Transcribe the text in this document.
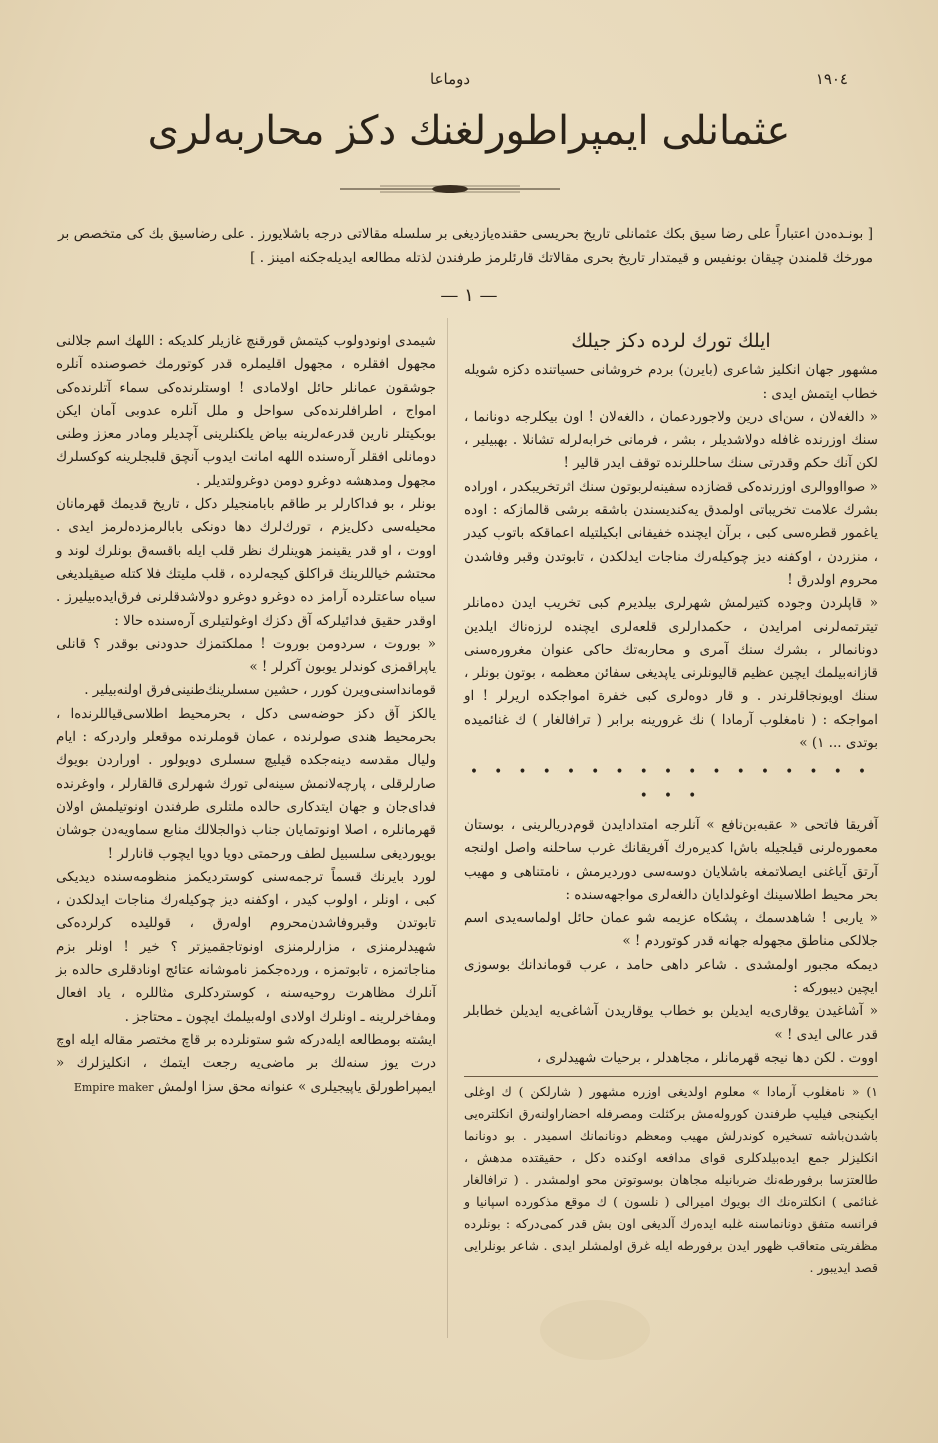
دوماعا	١٩٠٤
عثمانلی ایمپراطورلغنك دكز محاربه‌لری
[ بونـده‌دن اعتباراً علی رضا سیق بكك عثمانلی تاریخ بحریسی حقنده‌یازدیغی بر سلسله مقالاتی درجه باشلایورز . علی رضاسیق بك كی متخصص بر مورخك قلمندن چیقان بونفیس و قیمتدار تاریخ بحری مقالاتك قارئلرمز طرفندن لذتله مطالعه ایدیله‌جكنه امینز . ]
— ١ —

ایلك تورك لرده دكز جیلك

مشهور جهان انكلیز شاعری (بایرن) بردم خروشانی حسیاتنده دكزه شویله خطاب ایتمش ایدی :

« دالغه‌لان ، سن‌ای درین ولاجوردعمان ، دالغه‌لان ! اون بیكلرجه دونانما ، سنك اوزرنده غافله دولاشدیلر ، بشر ، فرمانی خرابه‌لرله تشانلا . بهبیلیر ، لكن آنك حكم وقدرتی سنك ساحللرنده توقف ایدر قالیر !

« صوااووالری اوزرنده‌كی قضازده سفینه‌لربوتون سنك اثرتخریبكدر ، اوراده بشرك علامت تخریباتی اولمدق یه‌كندیسندن باشقه برشی قالمازكه : اوده یاغمور قطره‌سی كبی ، برآن ایچنده خفیفانی ابكیلتیله اعماقكه باتوب كیدر ، منزردن ، اوكفنه دیز چوكیله‌رك مناجات ایدلكدن ، تابوتدن وقبر وفاشدن محروم اولدرق !

« قاپلردن وجوده كتیرلمش شهرلری بیلدیرم كبی تخریب ایدن ده‌مانلر تیترتمه‌لرنی امرایدن ، حكمدارلری قلعه‌لری ایچنده لرزه‌ناك ایلدین دونانمالر ، بشرك سنك آمری و محاربه‌تك حاكی عنوان مغروره‌سنی قازانه‌بیلمك ایچین عظیم قالیونلرنی یاپدیغی سفائن معظمه ، بوتون بونلر ، سنك اویونجاقلرندر . و قار دوه‌لری كبی خفرة امواجكده اریرلر ! او امواجكه : ( نامغلوب آرمادا ) نك غرورینه برابر ( ترافالغار ) ك غنائمیده بوتدی ... ١) »

• • • • • • • • • • • • • • • • • • • •

آفریقا فاتحی « عقبه‌بن‌نافع » آنلرجه امتدادایدن قوم‌دریالرینی ، بوستان معموره‌لرنی قیلجیله باش‌ا كدیره‌رك آفریقانك غرب ساحلنه واصل اولنجه آرتق آیاغنی ایصلاتمغه باشلایان دوسه‌سی دوردیرمش ، نامتناهی و مهیب بحر محیط اطلاسینك اوغولدایان دالغه‌لری مواجهه‌سنده :

« یاربی ! شاهدسمك ، پشكاه عزیمه شو عمان حائل اولماسه‌یدی اسم جلالكی مناطق مجهوله جهانه قدر كوتوردم ! »

دیمكه مجبور اولمشدی . شاعر داهی حامد ، عرب قوماندانك بوسوزی ایچین دیبوركه :

« آشاغیدن یوقاری‌یه ایدیلن بو خطاب یوقاریدن آشاغی‌یه ایدیلن خطابلر قدر عالی ایدی ! »

اووت . لكن دها نیجه قهرمانلر ، مجاهدلر ، برحیات شهیدلری ،

١) « نامغلوب آرمادا » معلوم اولدیغی اوزره مشهور ( شارلكن ) ك اوغلی ایكینجی فیلیپ طرفندن كوروله‌مش بركثلت ومصرفله احضاراولنه‌رق انكلتره‌یی باشدن‌باشه تسخیره كوندرلش مهیب ومعظم دونانمانك اسمیدر . بو دونانما انكلیزلر جمع ایده‌بیلدكلری قوای مدافعه اوكنده دكل ، حقیقتده مدهش ، طالعتزسا برفورطه‌نك ضربانیله مجاهان بوسوتوتن محو اولمشدر . ( ترافالغار غنائمی ) انكلتره‌نك اك بویوك امیرالی ( نلسون ) ك موقع مذكورده اسپانیا و فرانسه متفق دونانماسنه غلبه ایده‌رك آلدیغی اون بش قدر كمی‌دركه : بونلرده مظفریتی متعاقب ظهور ایدن برفورطه ایله غرق اولمشلر ایدی . شاعر بونلرایی قصد ایدیبور .

شیمدی اونودولوب كیتمش قورقنچ غازیلر كلدیكه : اللهك اسم جلالنی مجهول افقلره ، مجهول اقلیملره قدر كوتورمك خصوصنده آنلره جوشقون عمانلر حائل اولامادی ! اوستلرنده‌كی سماء آتلرنده‌كی امواج ، اطرافلرنده‌كی سواحل و ملل آنلره عدوبی آمان ایكن بوبكیتلر نارین قدرعه‌لرینه بیاض یلكنلرینی آچدیلر ومادر معزز وطنی دومانلی افقلر آره‌سنده اللهه امانت ایدوب آنچق قلبجلرینه كوكسلرك مجهول ومدهشه دوغرو دومن دوغرولتدیلر .

بونلر ، بو فداكارلر بر طاقم بابامنجیلر دكل ، تاریخ قدیمك قهرمانان محیله‌سی دكل‌یزم ، تورك‌لرك دها دونكی بابالرمزده‌لرمز ایدی . اووت ، او قدر یقینمز هوینلرك نظر قلب ایله باقسه‌ق بونلرك لوند و محتشم خیاللرینك قراكلق كیجه‌لرده ، قلب ملیتك فلا كتله صیقیلدیغی سیاه ساعتلرده آرامز ده‌ دوغرو دوغرو دولاشدقلرنی فرق‌ایده‌بیلیرز . اوقدر حقیق فدائیلركه آق دكزك اوغولتیلری آره‌سنده حالا :

« بوروت ، سردومن بوروت ! مملكتمزك حدودنی بوقدر ؟ قانلی یاپراقمزی كوندلر یوبون آكرلر ! »

قومانداسنی‌ویرن كورر ، حشین سسلرینك‌طنینی‌فرق اولنه‌بیلیر .

یالكز آق دكز حوضه‌سی دكل ، بحرمحیط اطلاسی‌قیاللرنده‌ا ، بحرمحیط هندی صولرنده ، عمان قوملرنده موقعلر واردركه : ایام ولیال مقدسه دینه‌جكده قیلیچ سسلری دویولور . اوراردن بویوك صارلرقلی ، پارچه‌لانمش سینه‌لی تورك شهرلری قالقارلر ، واوغرنده فدای‌جان و جهان ایتدكاری حالده ملتلری طرفندن اونوتیلمش اولان قهرمانلره ، اصلا اونوتمایان جناب ذوالجلالك منابع سماویه‌دن جوشان بویوردیغی سلسبیل لطف ورحمتی دویا دویا ایچوب قانارلر !

لورد بایرنك قسماً ترجمه‌سنی كوستردیكمز منظومه‌سنده دیدیكی كبی ، اونلر ، اولوب كیدر ، اوكفنه دیز چوكیله‌رك مناجات ایدلكدن ، تابوتدن وقبروفاشدن‌محروم اوله‌رق ، قوللیده‌ كرلرده‌كی شهیدلرمنزی ، مزارلرمنزی اونوتاجقمیزتر ؟ خیر ! اونلر بزم مناجاتمزه ، تابوتمزه ، ورده‌جكمز ناموشانه عتائج اونادقلری حالده بز آنلرك مظاهرت روحیه‌سنه ، كوستردكلری مثاللره ، یاد افعال ومفاخرلرینه ـ اونلرك اولادی اوله‌بیلمك ایچون ـ محتاجز .

ایشته بومطالعه ایله‌دركه شو ستونلرده بر قاچ مختصر مقاله ایله اوچ درت یوز سنه‌لك بر ماضی‌یه رجعت ایتمك ، انكلیزلرك « ایمپراطورلق یاپیجیلری » عنوانه محق سزا اولمش Empire maker
